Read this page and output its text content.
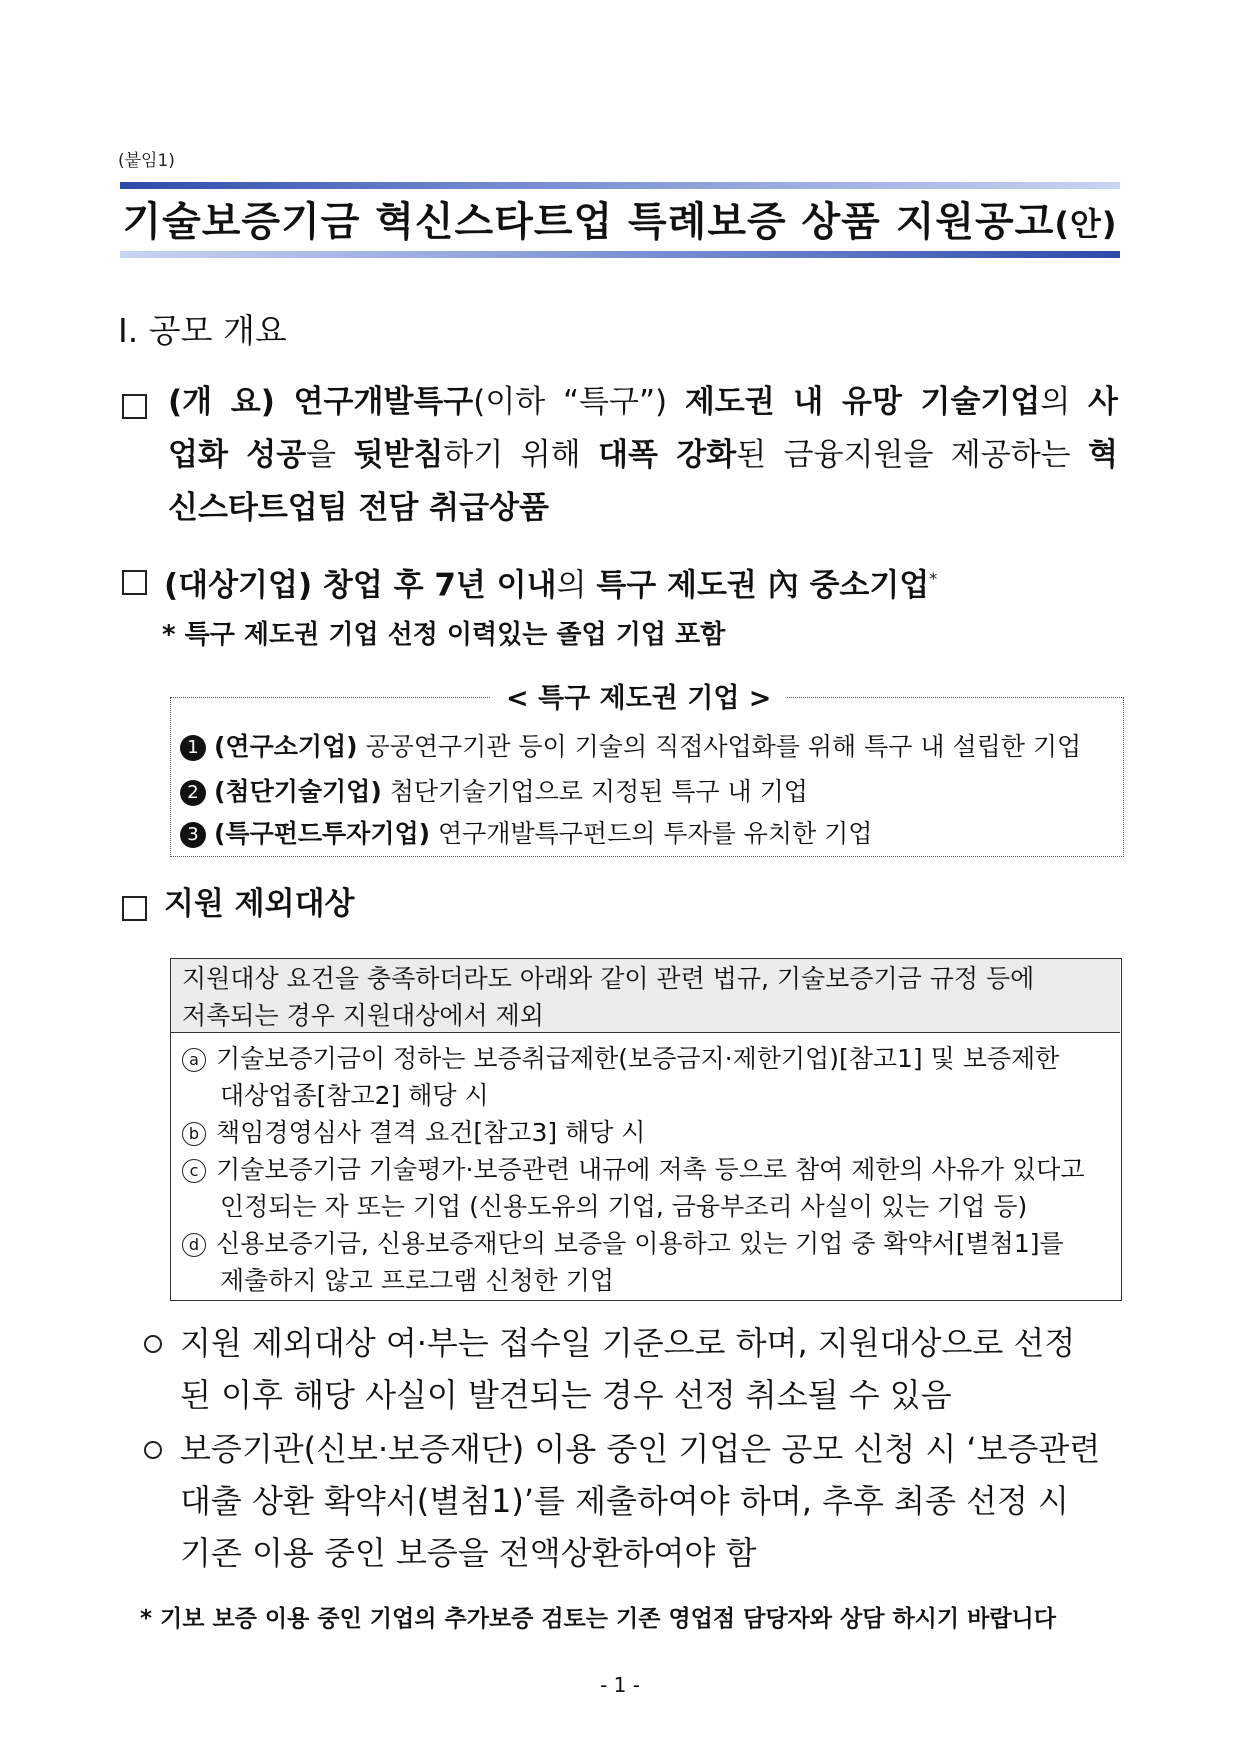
(붙임1)
기술보증기금 혁신스타트업 특례보증 상품 지원공고(안)
Ⅰ. 공모 개요
(개 요) 연구개발특구(이하 “특구”) 제도권 내 유망 기술기업의 사
업화 성공을 뒷받침하기 위해 대폭 강화된 금융지원을 제공하는 혁
신스타트업팀 전담 취급상품
(대상기업) 창업 후 7년 이내의 특구 제도권 內 중소기업*
* 특구 제도권 기업 선정 이력있는 졸업 기업 포함
< 특구 제도권 기업 >
1 (연구소기업) 공공연구기관 등이 기술의 직접사업화를 위해 특구 내 설립한 기업
2 (첨단기술기업) 첨단기술기업으로 지정된 특구 내 기업
3 (특구펀드투자기업) 연구개발특구펀드의 투자를 유치한 기업
지원 제외대상
지원대상 요건을 충족하더라도 아래와 같이 관련 법규, 기술보증기금 규정 등에
저촉되는 경우 지원대상에서 제외
a 기술보증기금이 정하는 보증취급제한(보증금지·제한기업)[참고1] 및 보증제한
대상업종[참고2] 해당 시
b 책임경영심사 결격 요건[참고3] 해당 시
c 기술보증기금 기술평가·보증관련 내규에 저촉 등으로 참여 제한의 사유가 있다고
인정되는 자 또는 기업 (신용도유의 기업, 금융부조리 사실이 있는 기업 등)
d 신용보증기금, 신용보증재단의 보증을 이용하고 있는 기업 중 확약서[별첨1]를
제출하지 않고 프로그램 신청한 기업
지원 제외대상 여·부는 접수일 기준으로 하며, 지원대상으로 선정
된 이후 해당 사실이 발견되는 경우 선정 취소될 수 있음
보증기관(신보·보증재단) 이용 중인 기업은 공모 신청 시 ‘보증관련
대출 상환 확약서(별첨1)’를 제출하여야 하며, 추후 최종 선정 시
기존 이용 중인 보증을 전액상환하여야 함
* 기보 보증 이용 중인 기업의 추가보증 검토는 기존 영업점 담당자와 상담 하시기 바랍니다
- 1 -
